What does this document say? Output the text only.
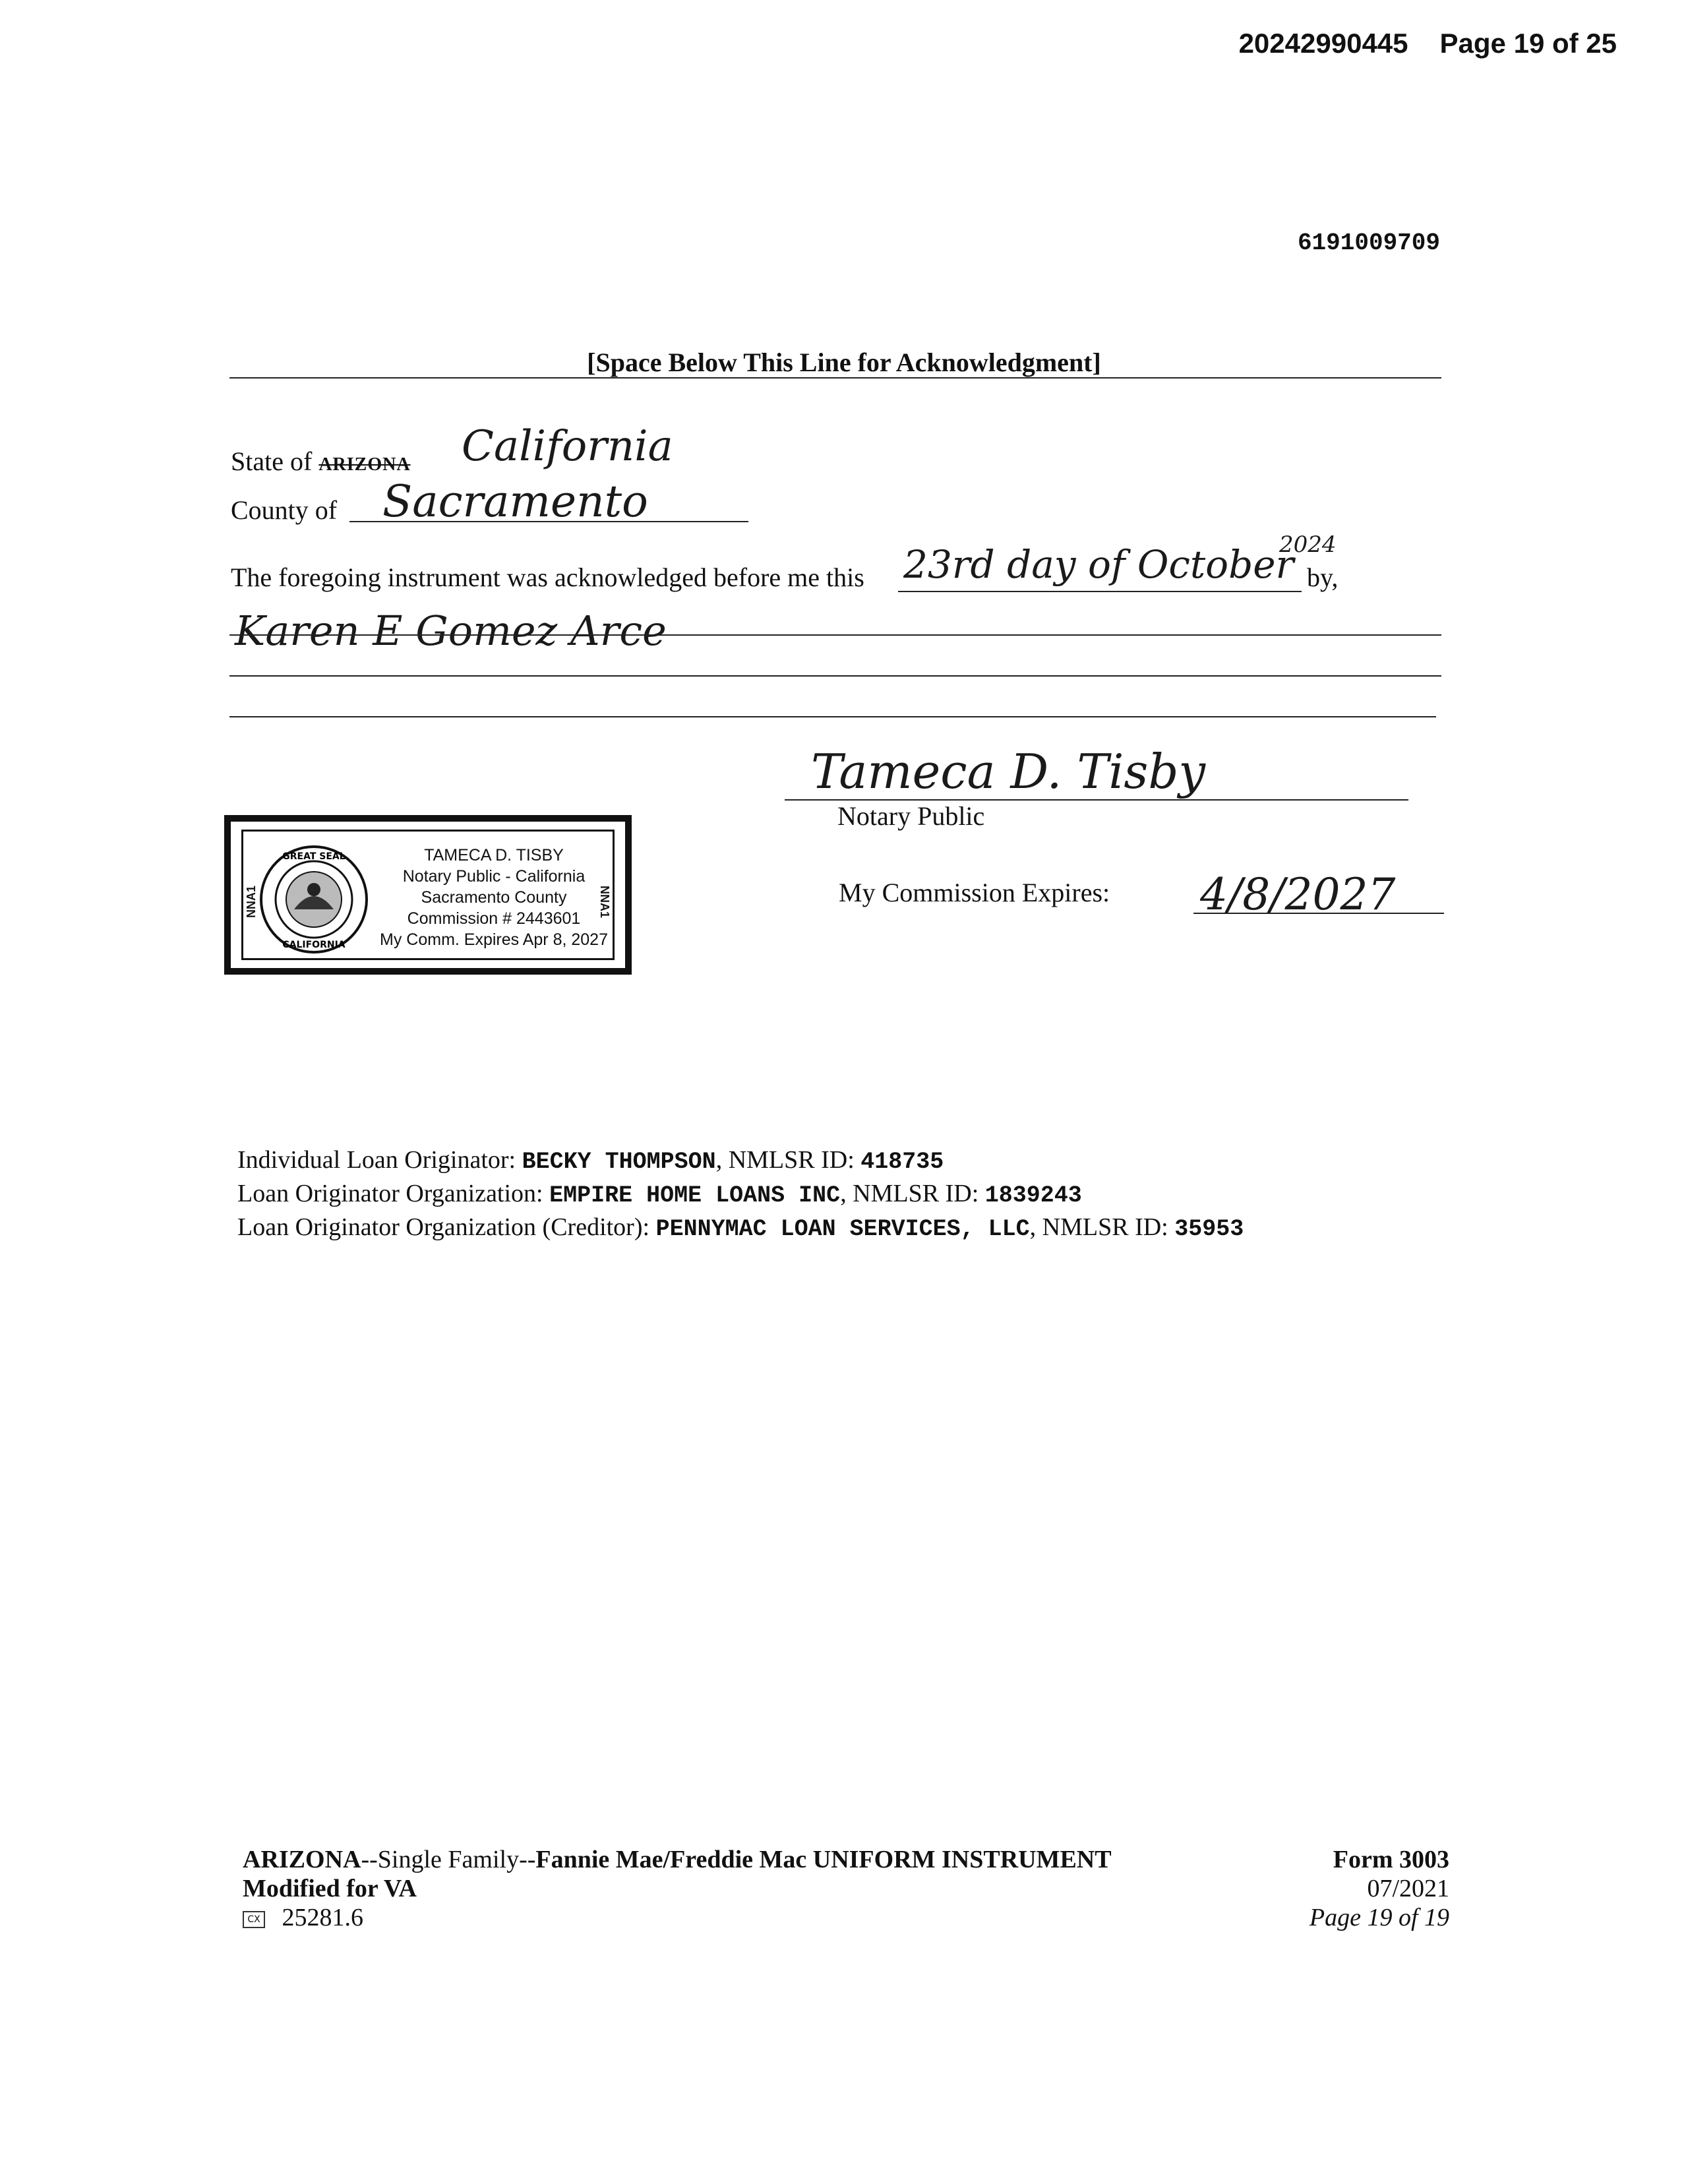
20242990445 Page 19 of 25
6191009709
[Space Below This Line for Acknowledgment]
State of ARIZONA California
County of Sacramento
The foregoing instrument was acknowledged before me this 23rd day of October
2024
by,
Karen E Gomez Arce
Tameca D. Tisby
Notary Public
My Commission Expires: 4/8/2027
GREAT SEAL
CALIFORNIA
TAMECA D. TISBY
Notary Public - California
Sacramento County
Commission # 2443601
My Comm. Expires Apr 8, 2027
NNA1	NNA1
Individual Loan Originator: BECKY THOMPSON, NMLSR ID: 418735
Loan Originator Organization: EMPIRE HOME LOANS INC, NMLSR ID: 1839243
Loan Originator Organization (Creditor): PENNYMAC LOAN SERVICES, LLC, NMLSR ID: 35953
ARIZONA--Single Family--Fannie Mae/Freddie Mac UNIFORM INSTRUMENT
Modified for VA
CX 25281.6
Form 3003
07/2021
Page 19 of 19
